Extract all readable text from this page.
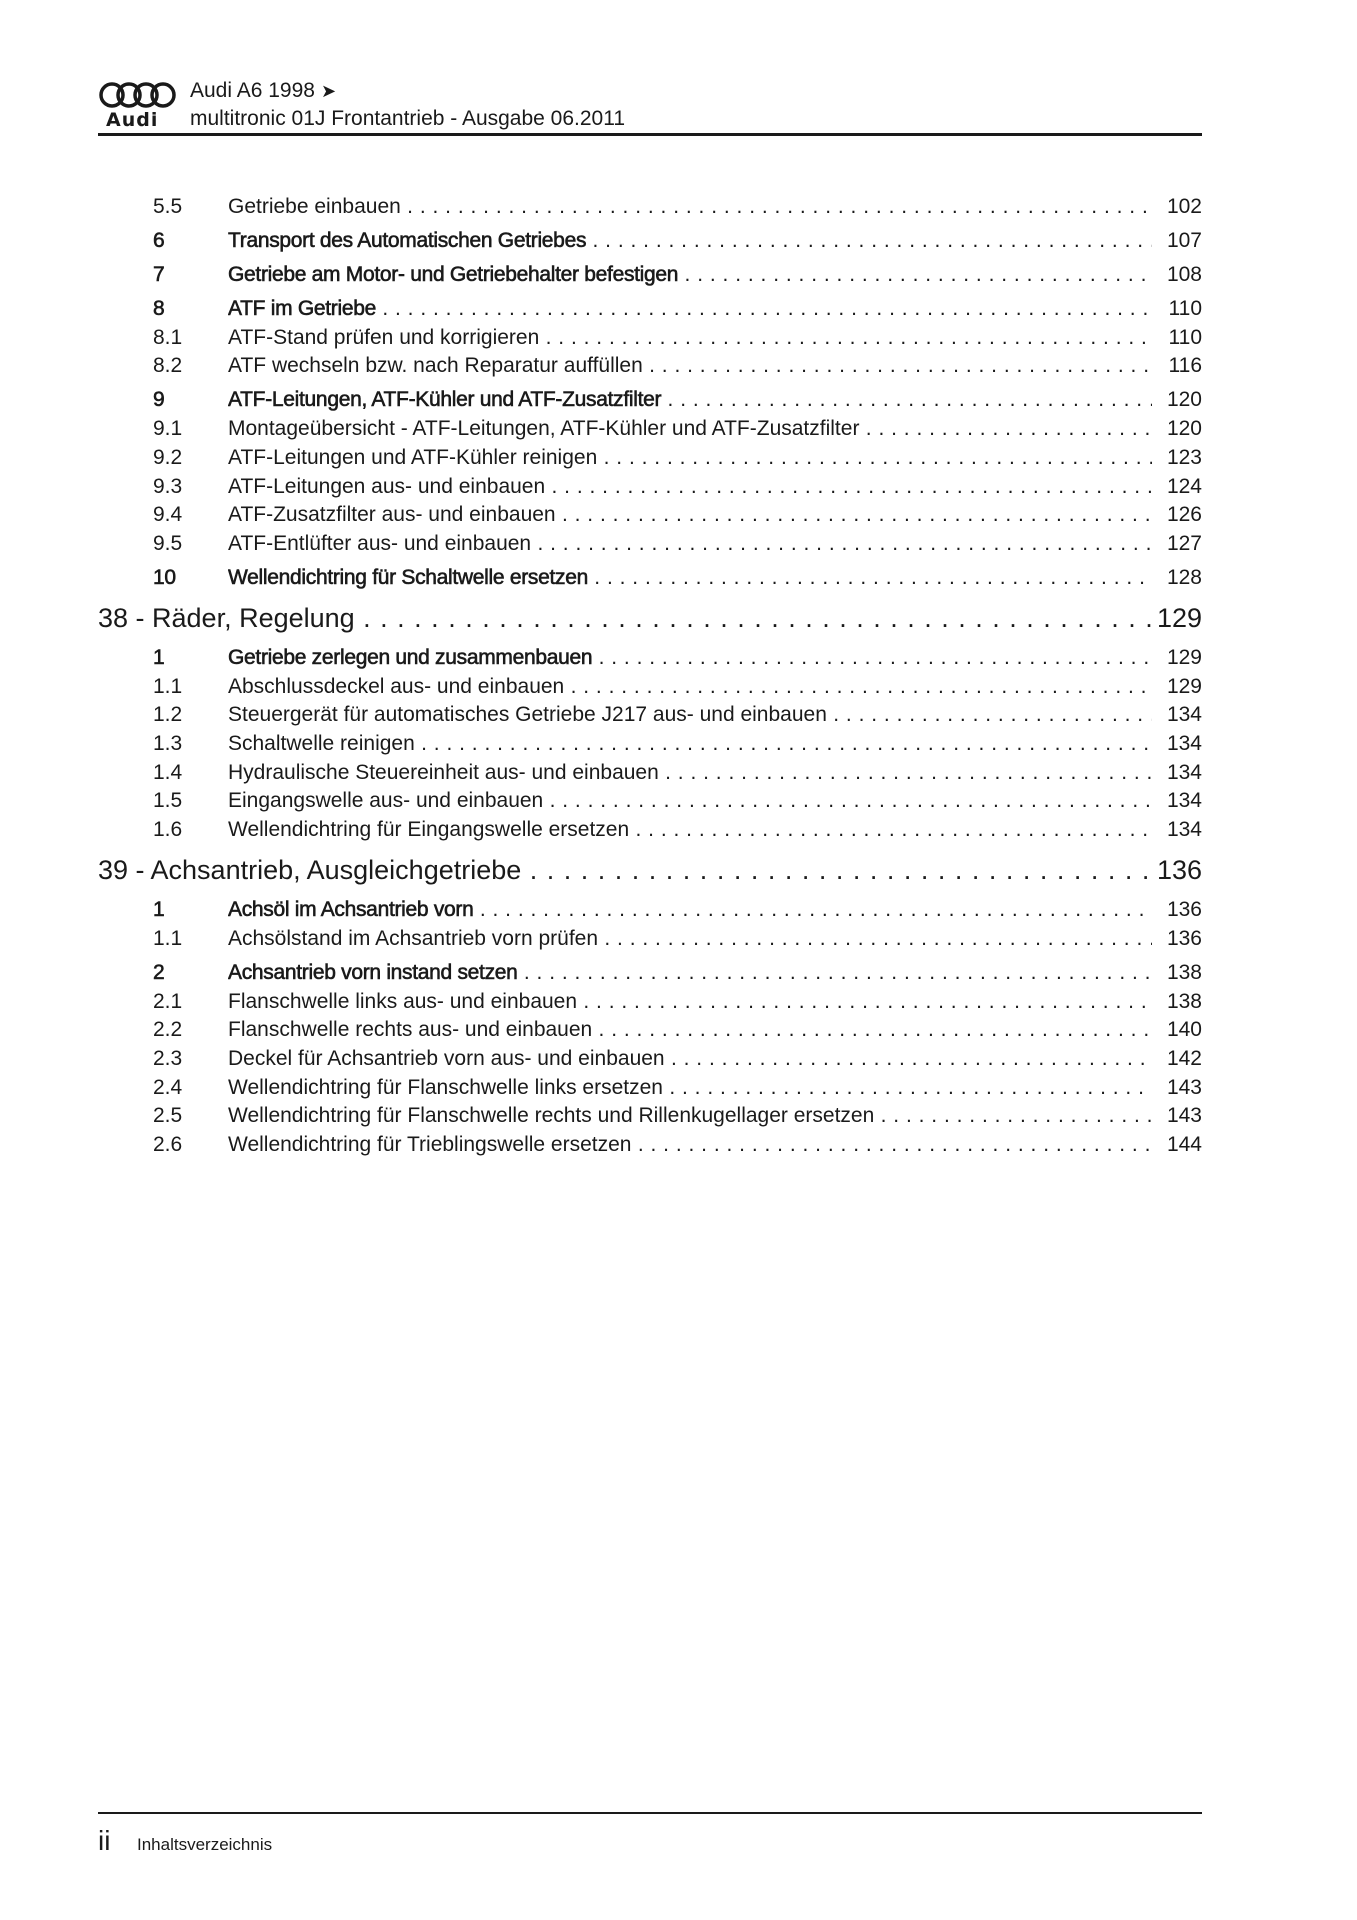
Audi
Audi A6 1998 ➤
multitronic 01J Frontantrieb - Ausgabe 06.2011
5.5 Getriebe einbauen . . .	102
6	Transport des Automatischen Getriebes . . .	107
7	Getriebe am Motor- und Getriebehalter befestigen . . .	108
8	ATF im Getriebe . . .	110
8.1 ATF-Stand prüfen und korrigieren . . .	110
8.2 ATF wechseln bzw. nach Reparatur auffüllen . . .	116
9	ATF-Leitungen, ATF-Kühler und ATF-Zusatzfilter . . .	120
9.1 Montageübersicht - ATF-Leitungen, ATF-Kühler und ATF-Zusatzfilter . . .	120
9.2 ATF-Leitungen und ATF-Kühler reinigen . . .	123
9.3 ATF-Leitungen aus- und einbauen . . .	124
9.4 ATF-Zusatzfilter aus- und einbauen . . .	126
9.5 ATF-Entlüfter aus- und einbauen . . .	127
10 Wellendichtring für Schaltwelle ersetzen . . .	128
38 - Räder, Regelung . . .	129
1	Getriebe zerlegen und zusammenbauen . . .	129
1.1 Abschlussdeckel aus- und einbauen . . .	129
1.2 Steuergerät für automatisches Getriebe J217 aus- und einbauen . . .	134
1.3 Schaltwelle reinigen . . .	134
1.4 Hydraulische Steuereinheit aus- und einbauen . . .	134
1.5 Eingangswelle aus- und einbauen . . .	134
1.6 Wellendichtring für Eingangswelle ersetzen . . .	134
39 - Achsantrieb, Ausgleichgetriebe . . .	136
1	Achsöl im Achsantrieb vorn . . .	136
1.1 Achsölstand im Achsantrieb vorn prüfen . . .	136
2	Achsantrieb vorn instand setzen . . .	138
2.1 Flanschwelle links aus- und einbauen . . .	138
2.2 Flanschwelle rechts aus- und einbauen . . .	140
2.3 Deckel für Achsantrieb vorn aus- und einbauen . . .	142
2.4 Wellendichtring für Flanschwelle links ersetzen . . .	143
2.5 Wellendichtring für Flanschwelle rechts und Rillenkugellager ersetzen . . .	143
2.6 Wellendichtring für Trieblingswelle ersetzen . . .	144
ii Inhaltsverzeichnis
